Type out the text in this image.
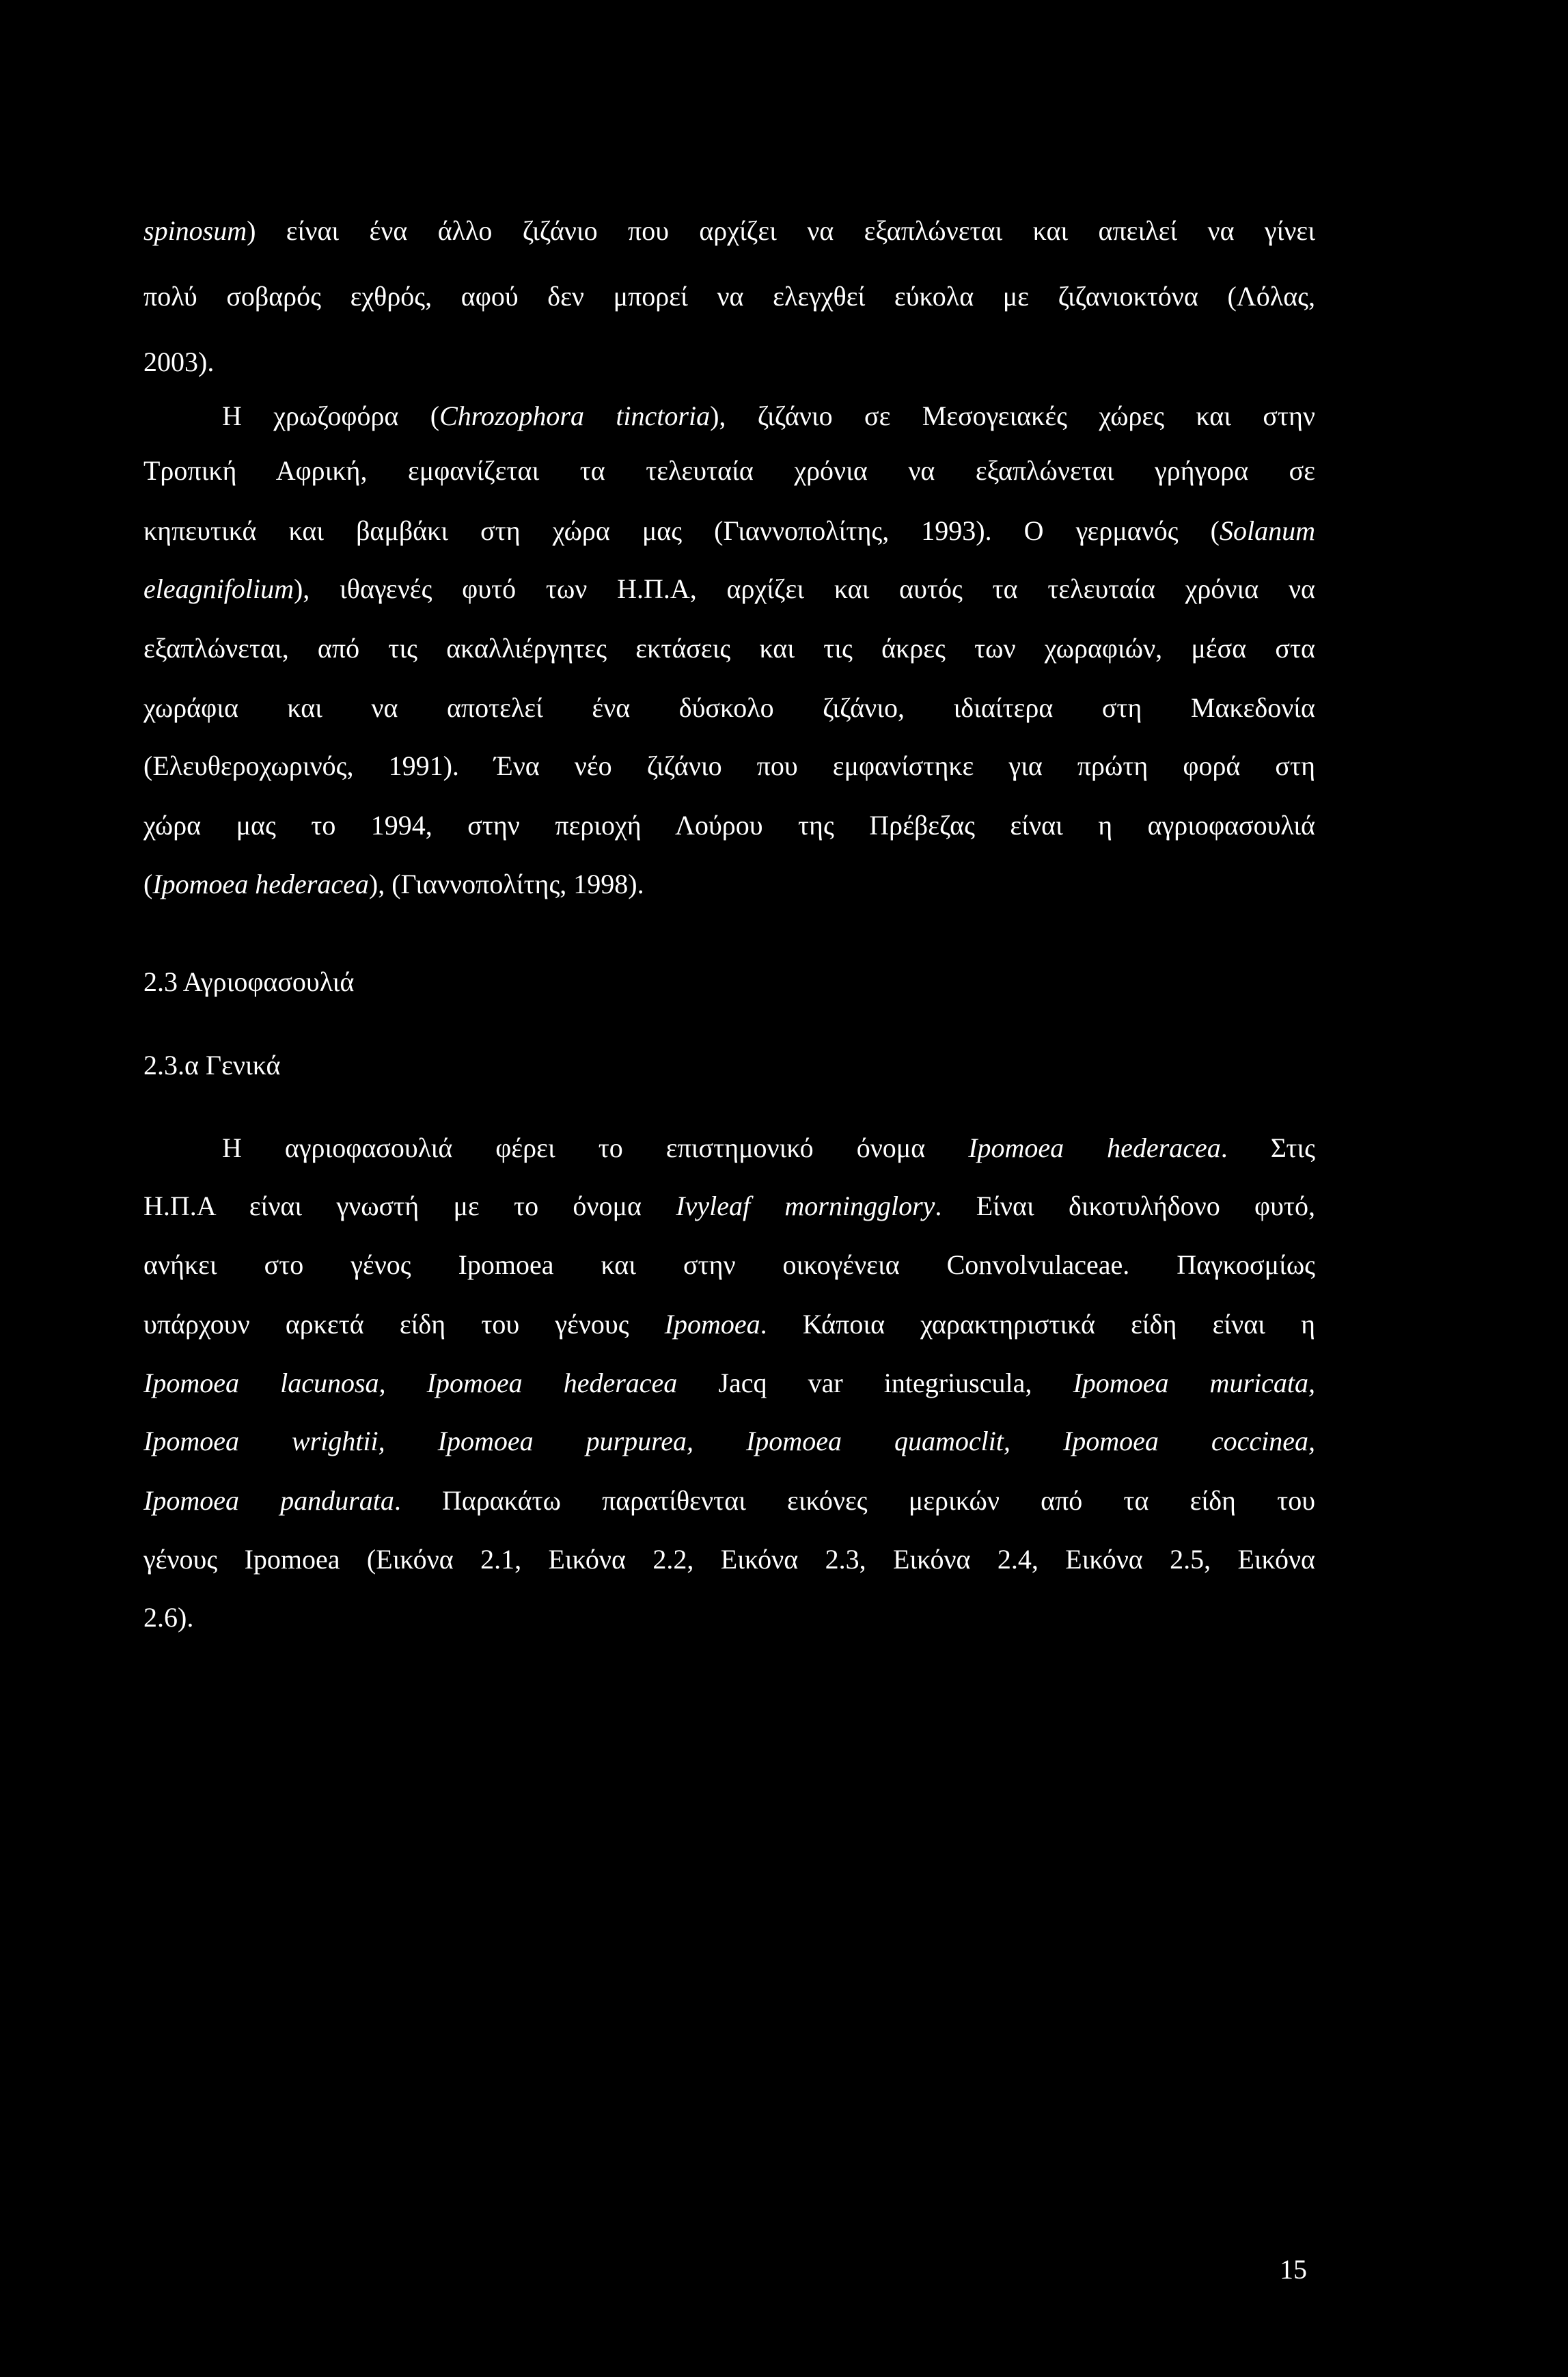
spinosum) είναι ένα άλλο ζιζάνιο που αρχίζει να εξαπλώνεται και απειλεί να γίνει
πολύ σοβαρός εχθρός, αφού δεν μπορεί να ελεγχθεί εύκολα με ζιζανιοκτόνα (Λόλας,
2003).
Η χρωζοφόρα (Chrozophora tinctoria), ζιζάνιο σε Μεσογειακές χώρες και στην
Τροπική Αφρική, εμφανίζεται τα τελευταία χρόνια να εξαπλώνεται γρήγορα σε
κηπευτικά και βαμβάκι στη χώρα μας (Γιαννοπολίτης, 1993). Ο γερμανός (Solanum
eleagnifolium), ιθαγενές φυτό των Η.Π.Α, αρχίζει και αυτός τα τελευταία χρόνια να
εξαπλώνεται, από τις ακαλλιέργητες εκτάσεις και τις άκρες των χωραφιών, μέσα στα
χωράφια και να αποτελεί ένα δύσκολο ζιζάνιο, ιδιαίτερα στη Μακεδονία
(Ελευθεροχωρινός, 1991). Ένα νέο ζιζάνιο που εμφανίστηκε για πρώτη φορά στη
χώρα μας το 1994, στην περιοχή Λούρου της Πρέβεζας είναι η αγριοφασουλιά
(Ipomoea hederacea), (Γιαννοπολίτης, 1998).
2.3 Αγριοφασουλιά
2.3.α Γενικά
Η αγριοφασουλιά φέρει το επιστημονικό όνομα Ipomoea hederacea. Στις
Η.Π.Α είναι γνωστή με το όνομα Ivyleaf morningglory. Είναι δικοτυλήδονο φυτό,
ανήκει στο γένος Ipomoea και στην οικογένεια Convolvulaceae. Παγκοσμίως
υπάρχουν αρκετά είδη του γένους Ipomoea. Κάποια χαρακτηριστικά είδη είναι η
Ipomoea lacunosa, Ipomoea hederacea Jacq var integriuscula, Ipomoea muricata,
Ipomoea wrightii, Ipomoea purpurea, Ipomoea quamoclit, Ipomoea coccinea,
Ipomoea pandurata. Παρακάτω παρατίθενται εικόνες μερικών από τα είδη του
γένους Ipomoea (Εικόνα 2.1, Εικόνα 2.2, Εικόνα 2.3, Εικόνα 2.4, Εικόνα 2.5, Εικόνα
2.6).
15
